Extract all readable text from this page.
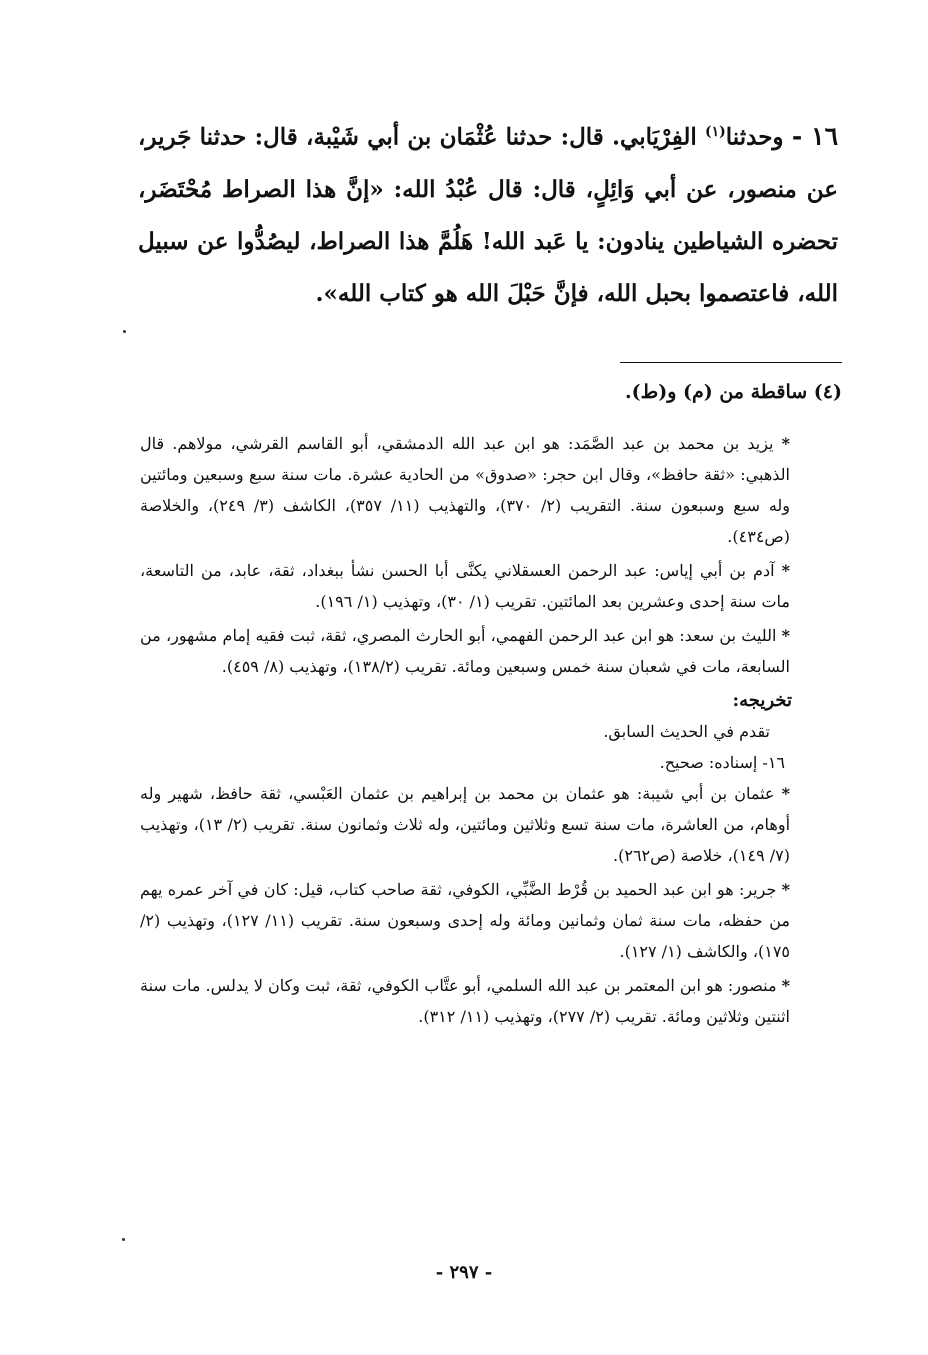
١٦ - وحدثنا$^{(١)}$ الفِرْيَابي. قال: حدثنا عُثْمَان بن أبي شَيْبة، قال: حدثنا جَرير، عن منصور، عن أبي وَائِلٍ، قال: قال عُبْدُ الله: «إنَّ هذا الصراط مُحْتَضَر، تحضره الشياطين ينادون: يا عَبد الله! هَلُمَّ هذا الصراط، ليصُدُّوا عن سبيل الله، فاعتصموا بحبل الله، فإنَّ حَبْلَ الله هو كتاب الله».
(٤) ساقطة من (م) و(ط).

* يزيد بن محمد بن عبد الصَّمَد: هو ابن عبد الله الدمشقي، أبو القاسم القرشي، مولاهم. قال الذهبي: «ثقة حافظ»، وقال ابن حجر: «صدوق» من الحادية عشرة. مات سنة سبع وسبعين ومائتين وله سبع وسبعون سنة. التقريب (٢/ ٣٧٠)، والتهذيب (١١/ ٣٥٧)، الكاشف (٣/ ٢٤٩)، والخلاصة (ص٤٣٤).

* آدم بن أبي إياس: عبد الرحمن العسقلاني يكنَّى أبا الحسن نشأ ببغداد، ثقة، عابد، من التاسعة، مات سنة إحدى وعشرين بعد المائتين. تقريب (١/ ٣٠)، وتهذيب (١/ ١٩٦).

* الليث بن سعد: هو ابن عبد الرحمن الفهمي، أبو الحارث المصري، ثقة، ثبت فقيه إمام مشهور، من السابعة، مات في شعبان سنة خمس وسبعين ومائة. تقريب (١٣٨/٢)، وتهذيب (٨/ ٤٥٩).

تخريجه:

تقدم في الحديث السابق.

١٦- إسناده: صحيح.

* عثمان بن أبي شيبة: هو عثمان بن محمد بن إبراهيم بن عثمان العَبْسي، ثقة حافظ، شهير وله أوهام، من العاشرة، مات سنة تسع وثلاثين ومائتين، وله ثلاث وثمانون سنة. تقريب (٢/ ١٣)، وتهذيب (٧/ ١٤٩)، خلاصة (ص٢٦٢).

* جرير: هو ابن عبد الحميد بن قُرْط الضَّبِّي، الكوفي، ثقة صاحب كتاب، قيل: كان في آخر عمره يهم من حفظه، مات سنة ثمان وثمانين ومائة وله إحدى وسبعون سنة. تقريب (١١/ ١٢٧)، وتهذيب (٢/ ١٧٥)، والكاشف (١/ ١٢٧).

* منصور: هو ابن المعتمر بن عبد الله السلمي، أبو عتَّاب الكوفي، ثقة، ثبت وكان لا يدلس. مات سنة اثنتين وثلاثين ومائة. تقريب (٢/ ٢٧٧)، وتهذيب (١١/ ٣١٢).

- ٢٩٧ -
